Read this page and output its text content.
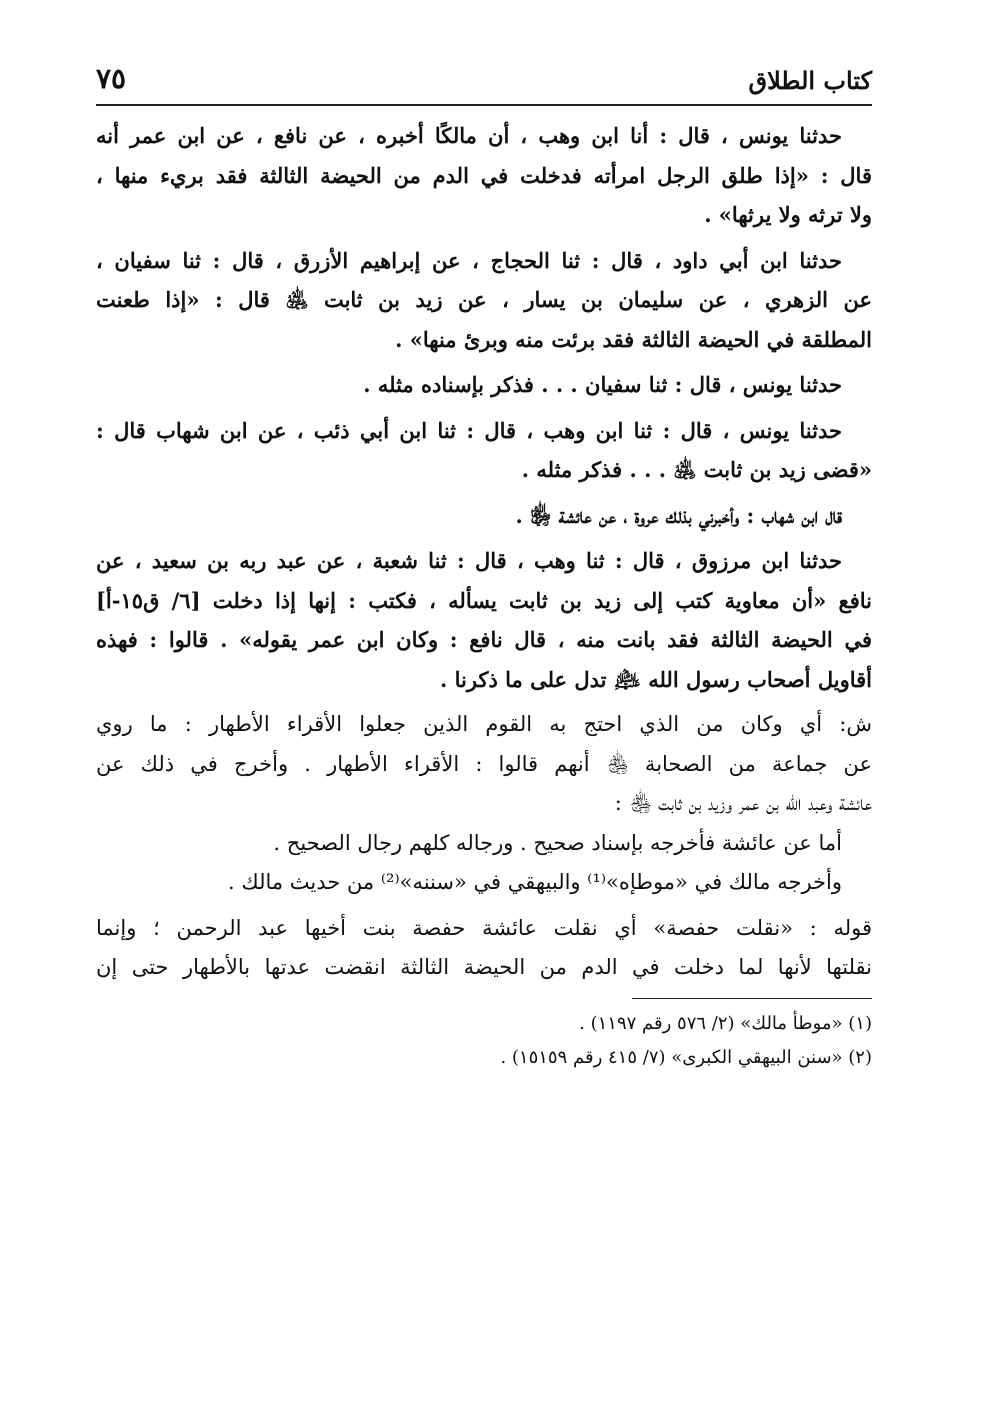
كتاب الطلاق
٧٥
حدثنا يونس ، قال : أنا ابن وهب ، أن مالكًا أخبره ، عن نافع ، عن ابن عمر أنه
قال : «إذا طلق الرجل امرأته فدخلت في الدم من الحيضة الثالثة فقد بريء منها ،
ولا ترثه ولا يرثها» .
حدثنا ابن أبي داود ، قال : ثنا الحجاج ، عن إبراهيم الأزرق ، قال : ثنا سفيان ،
عن الزهري ، عن سليمان بن يسار ، عن زيد بن ثابت ﵁ قال : «إذا طعنت
المطلقة في الحيضة الثالثة فقد برئت منه وبرئ منها» .
حدثنا يونس ، قال : ثنا سفيان . . . فذكر بإسناده مثله .
حدثنا يونس ، قال : ثنا ابن وهب ، قال : ثنا ابن أبي ذئب ، عن ابن شهاب قال :
«قضى زيد بن ثابت ﵁ . . . فذكر مثله .
قال ابن شهاب : وأخبرني بذلك عروة ، عن عائشة ﵂ .
حدثنا ابن مرزوق ، قال : ثنا وهب ، قال : ثنا شعبة ، عن عبد ربه بن سعيد ، عن
نافع «أن معاوية كتب إلى زيد بن ثابت يسأله ، فكتب : إنها إذا دخلت [٦/ ق١٥-أ]
في الحيضة الثالثة فقد بانت منه ، قال نافع : وكان ابن عمر يقوله» . قالوا : فهذه
أقاويل أصحاب رسول الله ﵇ تدل على ما ذكرنا .
ش: أي وكان من الذي احتج به القوم الذين جعلوا الأقراء الأطهار : ما روي
عن جماعة من الصحابة ﵃ أنهم قالوا : الأقراء الأطهار . وأخرج في ذلك عن
عائشة وعبد الله بن عمر وزيد بن ثابت ﵃ :
أما عن عائشة فأخرجه بإسناد صحيح . ورجاله كلهم رجال الصحيح .
وأخرجه مالك في «موطإه»⁽¹⁾ والبيهقي في «سننه»⁽²⁾ من حديث مالك .
قوله : «نقلت حفصة» أي نقلت عائشة حفصة بنت أخيها عبد الرحمن ؛ وإنما
نقلتها لأنها لما دخلت في الدم من الحيضة الثالثة انقضت عدتها بالأطهار حتى إن
(١) «موطأ مالك» (٢/ ٥٧٦ رقم ١١٩٧) .
(٢) «سنن البيهقي الكبرى» (٧/ ٤١٥ رقم ١٥١٥٩) .
